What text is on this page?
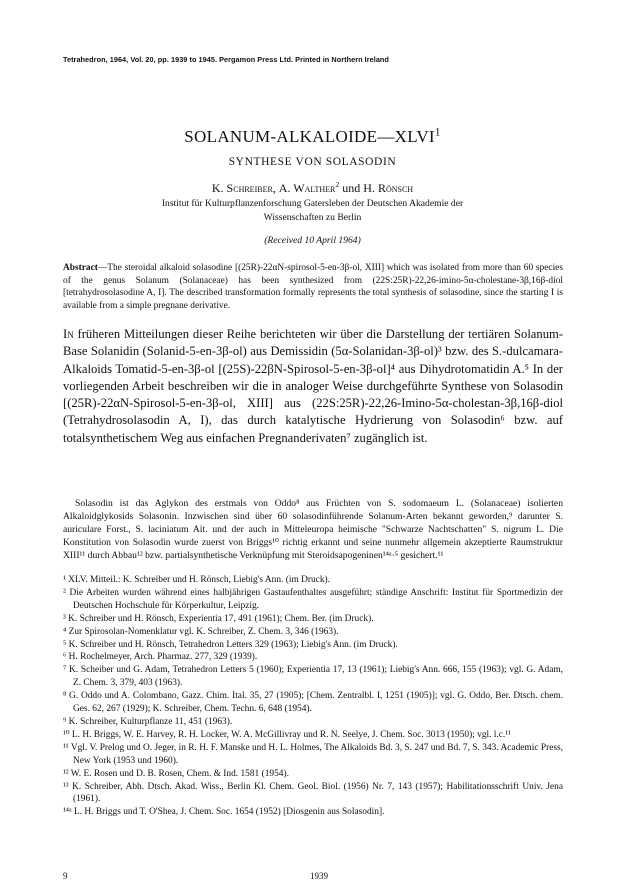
Tetrahedron, 1964, Vol. 20, pp. 1939 to 1945. Pergamon Press Ltd. Printed in Northern Ireland
SOLANUM-ALKALOIDE—XLVI$^1$
SYNTHESE VON SOLASODIN
K. Schreiber, A. Walther$^2$ und H. Rönsch
Institut für Kulturpflanzenforschung Gatersleben der Deutschen Akademie der
Wissenschaften zu Berlin
(Received 10 April 1964)
Abstract—The steroidal alkaloid solasodine [(25R)-22αN-spirosol-5-en-3β-ol, XIII] which was isolated from more than 60 species of the genus Solanum (Solanaceae) has been synthesized from (22S:25R)-22,26-imino-5α-cholestane-3β,16β-diol [tetrahydrosolasodine A, I]. The described transformation formally represents the total synthesis of solasodine, since the starting I is available from a simple pregnane derivative.
In früheren Mitteilungen dieser Reihe berichteten wir über die Darstellung der tertiären Solanum-Base Solanidin (Solanid-5-en-3β-ol) aus Demissidin (5α-Solanidan-3β-ol)³ bzw. des S.-dulcamara-Alkaloids Tomatid-5-en-3β-ol [(25S)-22βN-Spirosol-5-en-3β-ol]⁴ aus Dihydrotomatidin A.⁵ In der vorliegenden Arbeit beschreiben wir die in analoger Weise durchgeführte Synthese von Solasodin [(25R)-22αN-Spirosol-5-en-3β-ol, XIII] aus (22S:25R)-22,26-Imino-5α-cholestan-3β,16β-diol (Tetrahydrosolasodin A, I), das durch katalytische Hydrierung von Solasodin⁶ bzw. auf totalsynthetischem Weg aus einfachen Pregnanderivaten⁷ zugänglich ist.
Solasodin ist das Aglykon des erstmals von Oddo⁸ aus Früchten von S. sodomaeum L. (Solanaceae) isolierten Alkaloidglykosids Solasonin. Inzwischen sind über 60 solasodinführende Solanum-Arten bekannt geworden,⁹ darunter S. auriculare Forst., S. laciniatum Ait. und der auch in Mitteleuropa heimische "Schwarze Nachtschatten" S. nigrum L. Die Konstitution von Solasodin wurde zuerst von Briggs¹⁰ richtig erkannt und seine nunmehr allgemein akzeptierte Raumstruktur XIII¹¹ durch Abbau¹² bzw. partialsynthetische Verknüpfung mit Steroidsapogeninen¹⁴ᵃ·⁵ gesichert.¹¹

¹ XLV. Mitteil.: K. Schreiber und H. Rönsch, Liebig's Ann. (im Druck).

² Die Arbeiten wurden während eines halbjährigen Gastaufenthaltes ausgeführt; ständige Anschrift: Institut für Sportmedizin der Deutschen Hochschule für Körperkultur, Leipzig.

³ K. Schreiber und H. Rönsch, Experientia 17, 491 (1961); Chem. Ber. (im Druck).

⁴ Zur Spirosolan-Nomenklatur vgl. K. Schreiber, Z. Chem. 3, 346 (1963).

⁵ K. Schreiber und H. Rönsch, Tetrahedron Letters 329 (1963); Liebig's Ann. (im Druck).

⁶ H. Rochelmeyer, Arch. Pharmaz. 277, 329 (1939).

⁷ K. Scheiber und G. Adam, Tetrahedron Letters 5 (1960); Experientia 17, 13 (1961); Liebig's Ann. 666, 155 (1963); vgl. G. Adam, Z. Chem. 3, 379, 403 (1963).

⁸ G. Oddo und A. Colombano, Gazz. Chim. Ital. 35, 27 (1905); [Chem. Zentralbl. I, 1251 (1905)]; vgl. G. Oddo, Ber. Dtsch. chem. Ges. 62, 267 (1929); K. Schreiber, Chem. Techn. 6, 648 (1954).

⁹ K. Schreiber, Kulturpflanze 11, 451 (1963).

¹⁰ L. H. Briggs, W. E. Harvey, R. H. Locker, W. A. McGillivray und R. N. Seelye, J. Chem. Soc. 3013 (1950); vgl. l.c.¹¹

¹¹ Vgl. V. Prelog und O. Jeger, in R. H. F. Manske und H. L. Holmes, The Alkaloids Bd. 3, S. 247 und Bd. 7, S. 343. Academic Press, New York (1953 und 1960).

¹² W. E. Rosen und D. B. Rosen, Chem. & Ind. 1581 (1954).

¹³ K. Schreiber, Abh. Dtsch. Akad. Wiss., Berlin Kl. Chem. Geol. Biol. (1956) Nr. 7, 143 (1957); Habilitationsschrift Univ. Jena (1961).

¹⁴ᵃ L. H. Briggs und T. O'Shea, J. Chem. Soc. 1654 (1952) [Diosgenin aus Solasodin].

9	1939
